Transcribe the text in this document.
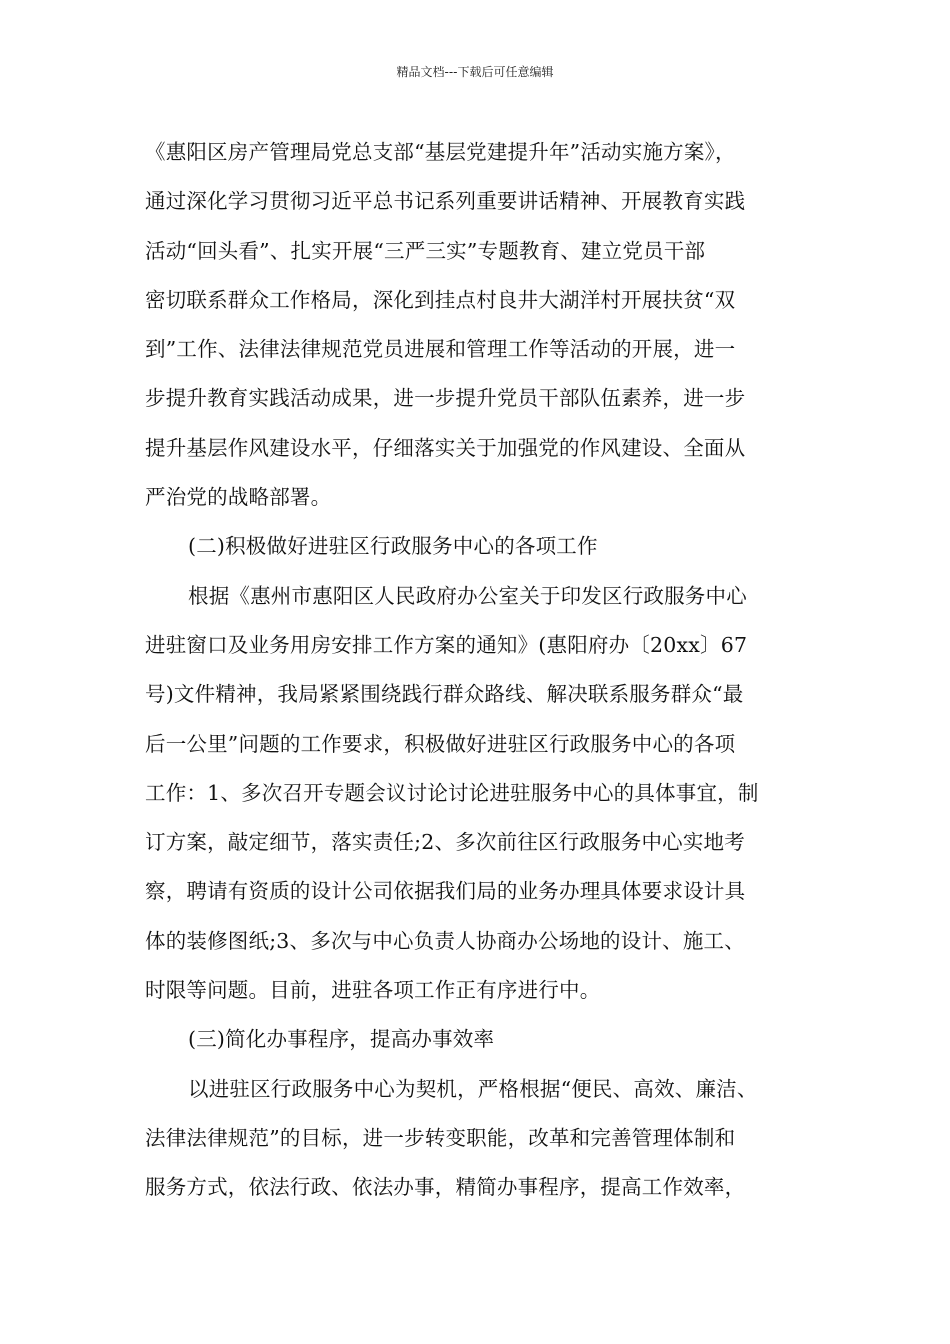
精品文档---下载后可任意编辑
《惠阳区房产管理局党总支部“基层党建提升年”活动实施方案》，
通过深化学习贯彻习近平总书记系列重要讲话精神、开展教育实践
活动“回头看”、扎实开展“三严三实”专题教育、建立党员干部
密切联系群众工作格局，深化到挂点村良井大湖洋村开展扶贫“双
到”工作、法律法律规范党员进展和管理工作等活动的开展，进一
步提升教育实践活动成果，进一步提升党员干部队伍素养，进一步
提升基层作风建设水平，仔细落实关于加强党的作风建设、全面从
严治党的战略部署。
(二)积极做好进驻区行政服务中心的各项工作
根据《惠州市惠阳区人民政府办公室关于印发区行政服务中心
进驻窗口及业务用房安排工作方案的通知》(惠阳府办〔20xx〕67
号)文件精神，我局紧紧围绕践行群众路线、解决联系服务群众“最
后一公里”问题的工作要求，积极做好进驻区行政服务中心的各项
工作：1、多次召开专题会议讨论讨论进驻服务中心的具体事宜，制
订方案，敲定细节，落实责任;2、多次前往区行政服务中心实地考
察，聘请有资质的设计公司依据我们局的业务办理具体要求设计具
体的装修图纸;3、多次与中心负责人协商办公场地的设计、施工、
时限等问题。目前，进驻各项工作正有序进行中。
(三)简化办事程序，提高办事效率
以进驻区行政服务中心为契机，严格根据“便民、高效、廉洁、
法律法律规范”的目标，进一步转变职能，改革和完善管理体制和
服务方式，依法行政、依法办事，精简办事程序，提高工作效率，
